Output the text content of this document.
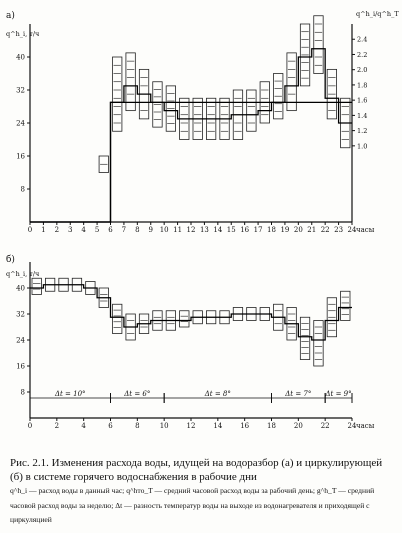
а)
q^h_i, т/ч
q^h_i/q^h_T
8
16
24
32
40
1.0
1.2
1.4
1.6
1.8
2.0
2.2
2.4
0 1 2 3 4 5 6 7 8 9 10 11 12 13 14 15 16 17 18 19 20 21 22 23 24 часы
б)
q^h_i, т/ч
8
16
24
32
40
0	2	4	6	8	10	12	14	16	18	20	22	24 часы
Δt = 10°	Δt = 6°	Δt = 8°	Δt = 7° Δt = 9°

Рис. 2.1. Изменения расхода воды, идущей на водоразбор (а) и циркулирующей (б) в системе горячего водоснабжения в рабочие дни

q^h_i — расход воды в данный час; q^hто_T — средний часовой расход воды за рабочий день; g^h_T — средний часовой расход воды за неделю; Δt — разность температур воды на выходе из водонагревателя и приходящей с циркуляцией
